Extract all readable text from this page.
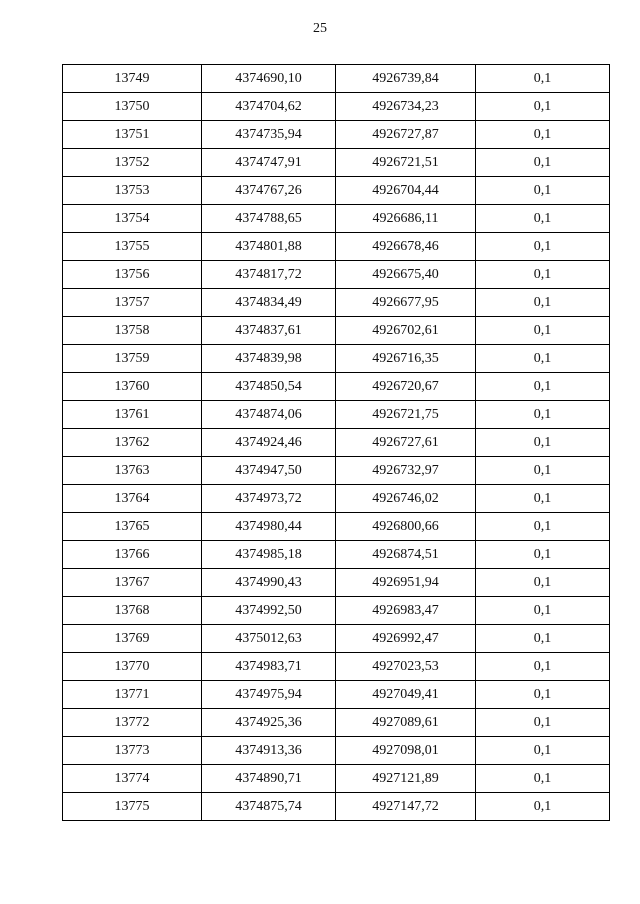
25
13749	4374690,10	4926739,84	0,1
13750	4374704,62	4926734,23	0,1
13751	4374735,94	4926727,87	0,1
13752	4374747,91	4926721,51	0,1
13753	4374767,26	4926704,44	0,1
13754	4374788,65	4926686,11	0,1
13755	4374801,88	4926678,46	0,1
13756	4374817,72	4926675,40	0,1
13757	4374834,49	4926677,95	0,1
13758	4374837,61	4926702,61	0,1
13759	4374839,98	4926716,35	0,1
13760	4374850,54	4926720,67	0,1
13761	4374874,06	4926721,75	0,1
13762	4374924,46	4926727,61	0,1
13763	4374947,50	4926732,97	0,1
13764	4374973,72	4926746,02	0,1
13765	4374980,44	4926800,66	0,1
13766	4374985,18	4926874,51	0,1
13767	4374990,43	4926951,94	0,1
13768	4374992,50	4926983,47	0,1
13769	4375012,63	4926992,47	0,1
13770	4374983,71	4927023,53	0,1
13771	4374975,94	4927049,41	0,1
13772	4374925,36	4927089,61	0,1
13773	4374913,36	4927098,01	0,1
13774	4374890,71	4927121,89	0,1
13775	4374875,74	4927147,72	0,1
